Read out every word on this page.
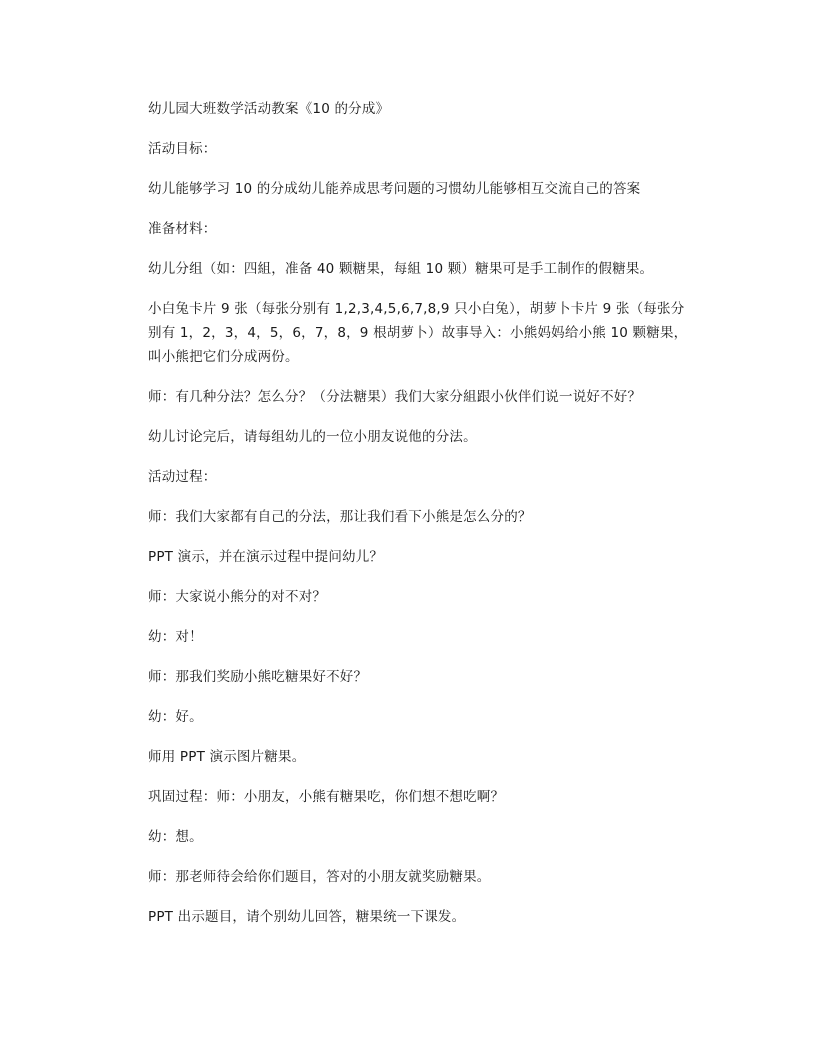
幼儿园大班数学活动教案《10 的分成》

活动目标：

幼儿能够学习 10 的分成幼儿能养成思考问题的习惯幼儿能够相互交流自己的答案

准备材料：

幼儿分组（如：四組，准备 40 颗糖果，每組 10 颗）糖果可是手工制作的假糖果。

小白兔卡片 9 张（每张分别有 1,2,3,4,5,6,7,8,9 只小白兔），胡萝卜卡片 9 张（每张分别有 1，2，3，4，5，6，7，8，9 根胡萝卜）故事导入：小熊妈妈给小熊 10 颗糖果，叫小熊把它们分成两份。

师：有几种分法？怎么分？（分法糖果）我们大家分組跟小伙伴们说一说好不好？

幼儿讨论完后，请每组幼儿的一位小朋友说他的分法。

活动过程：

师：我们大家都有自己的分法，那让我们看下小熊是怎么分的？

PPT 演示，并在演示过程中提问幼儿？

师：大家说小熊分的对不对？

幼：对！

师：那我们奖励小熊吃糖果好不好？

幼：好。

师用 PPT 演示图片糖果。

巩固过程：师：小朋友，小熊有糖果吃，你们想不想吃啊？

幼：想。

师：那老师待会给你们题目，答对的小朋友就奖励糖果。

PPT 出示题目，请个别幼儿回答，糖果统一下课发。
